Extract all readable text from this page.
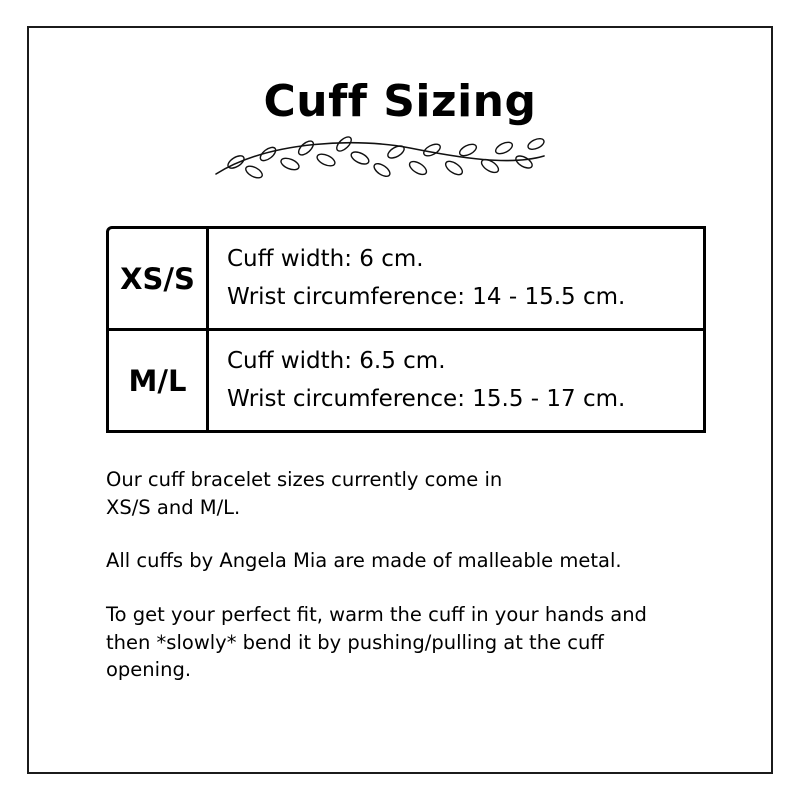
Cuff Sizing
XS/S
Cuff width: 6 cm.
Wrist circumference: 14 - 15.5 cm.
M/L
Cuff width: 6.5 cm.
Wrist circumference: 15.5 - 17 cm.
Our cuff bracelet sizes currently come in
XS/S and M/L.
All cuffs by Angela Mia are made of malleable metal.
To get your perfect fit, warm the cuff in your hands and
then *slowly* bend it by pushing/pulling at the cuff
opening.
